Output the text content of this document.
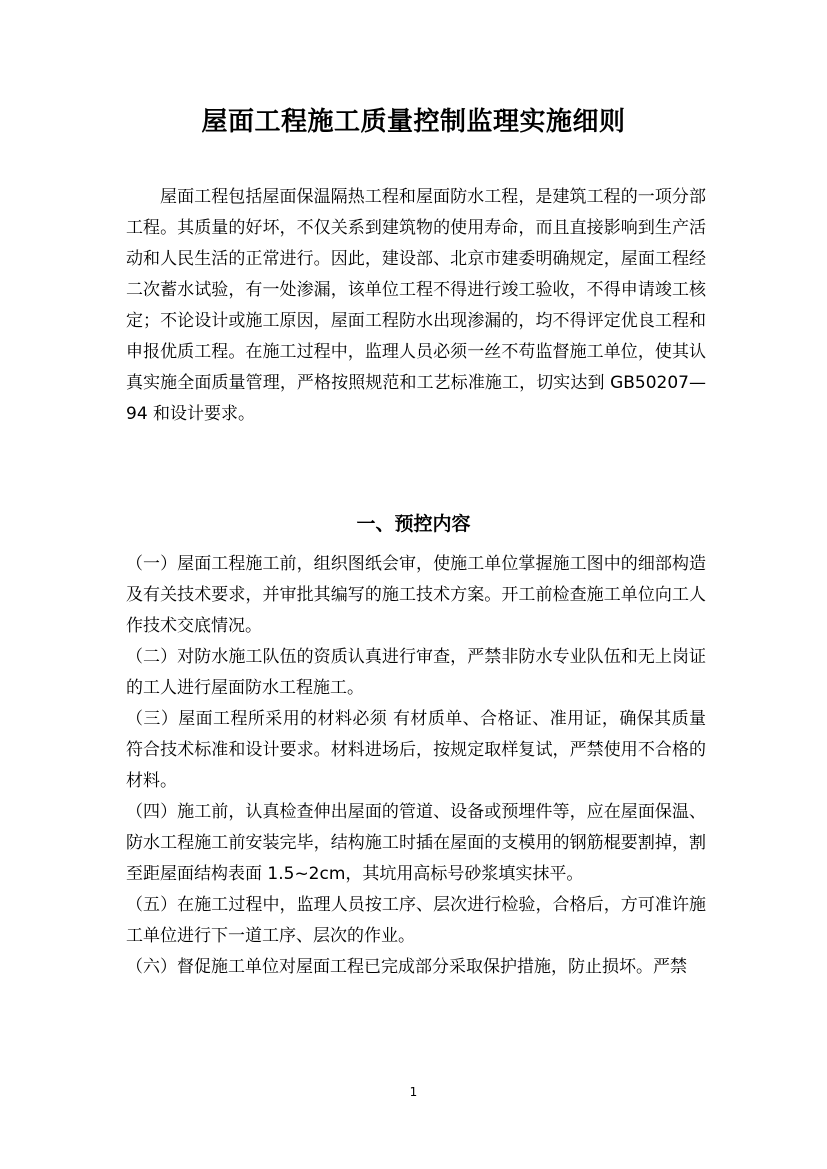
屋面工程施工质量控制监理实施细则

屋面工程包括屋面保温隔热工程和屋面防水工程，是建筑工程的一项分部工程。其质量的好坏，不仅关系到建筑物的使用寿命，而且直接影响到生产活动和人民生活的正常进行。因此，建设部、北京市建委明确规定，屋面工程经二次蓄水试验，有一处渗漏，该单位工程不得进行竣工验收，不得申请竣工核定；不论设计或施工原因，屋面工程防水出现渗漏的，均不得评定优良工程和申报优质工程。在施工过程中，监理人员必须一丝不苟监督施工单位，使其认真实施全面质量管理，严格按照规范和工艺标准施工，切实达到 GB50207—94 和设计要求。

一、预控内容

（一）屋面工程施工前，组织图纸会审，使施工单位掌握施工图中的细部构造及有关技术要求，并审批其编写的施工技术方案。开工前检查施工单位向工人作技术交底情况。

（二）对防水施工队伍的资质认真进行审查，严禁非防水专业队伍和无上岗证的工人进行屋面防水工程施工。

（三）屋面工程所采用的材料必须 有材质单、合格证、准用证，确保其质量符合技术标准和设计要求。材料进场后，按规定取样复试，严禁使用不合格的材料。

（四）施工前，认真检查伸出屋面的管道、设备或预埋件等，应在屋面保温、防水工程施工前安装完毕，结构施工时插在屋面的支模用的钢筋棍要割掉，割至距屋面结构表面 1.5~2cm，其坑用高标号砂浆填实抹平。

（五）在施工过程中，监理人员按工序、层次进行检验，合格后，方可准许施工单位进行下一道工序、层次的作业。

（六）督促施工单位对屋面工程已完成部分采取保护措施，防止损坏。严禁

1
